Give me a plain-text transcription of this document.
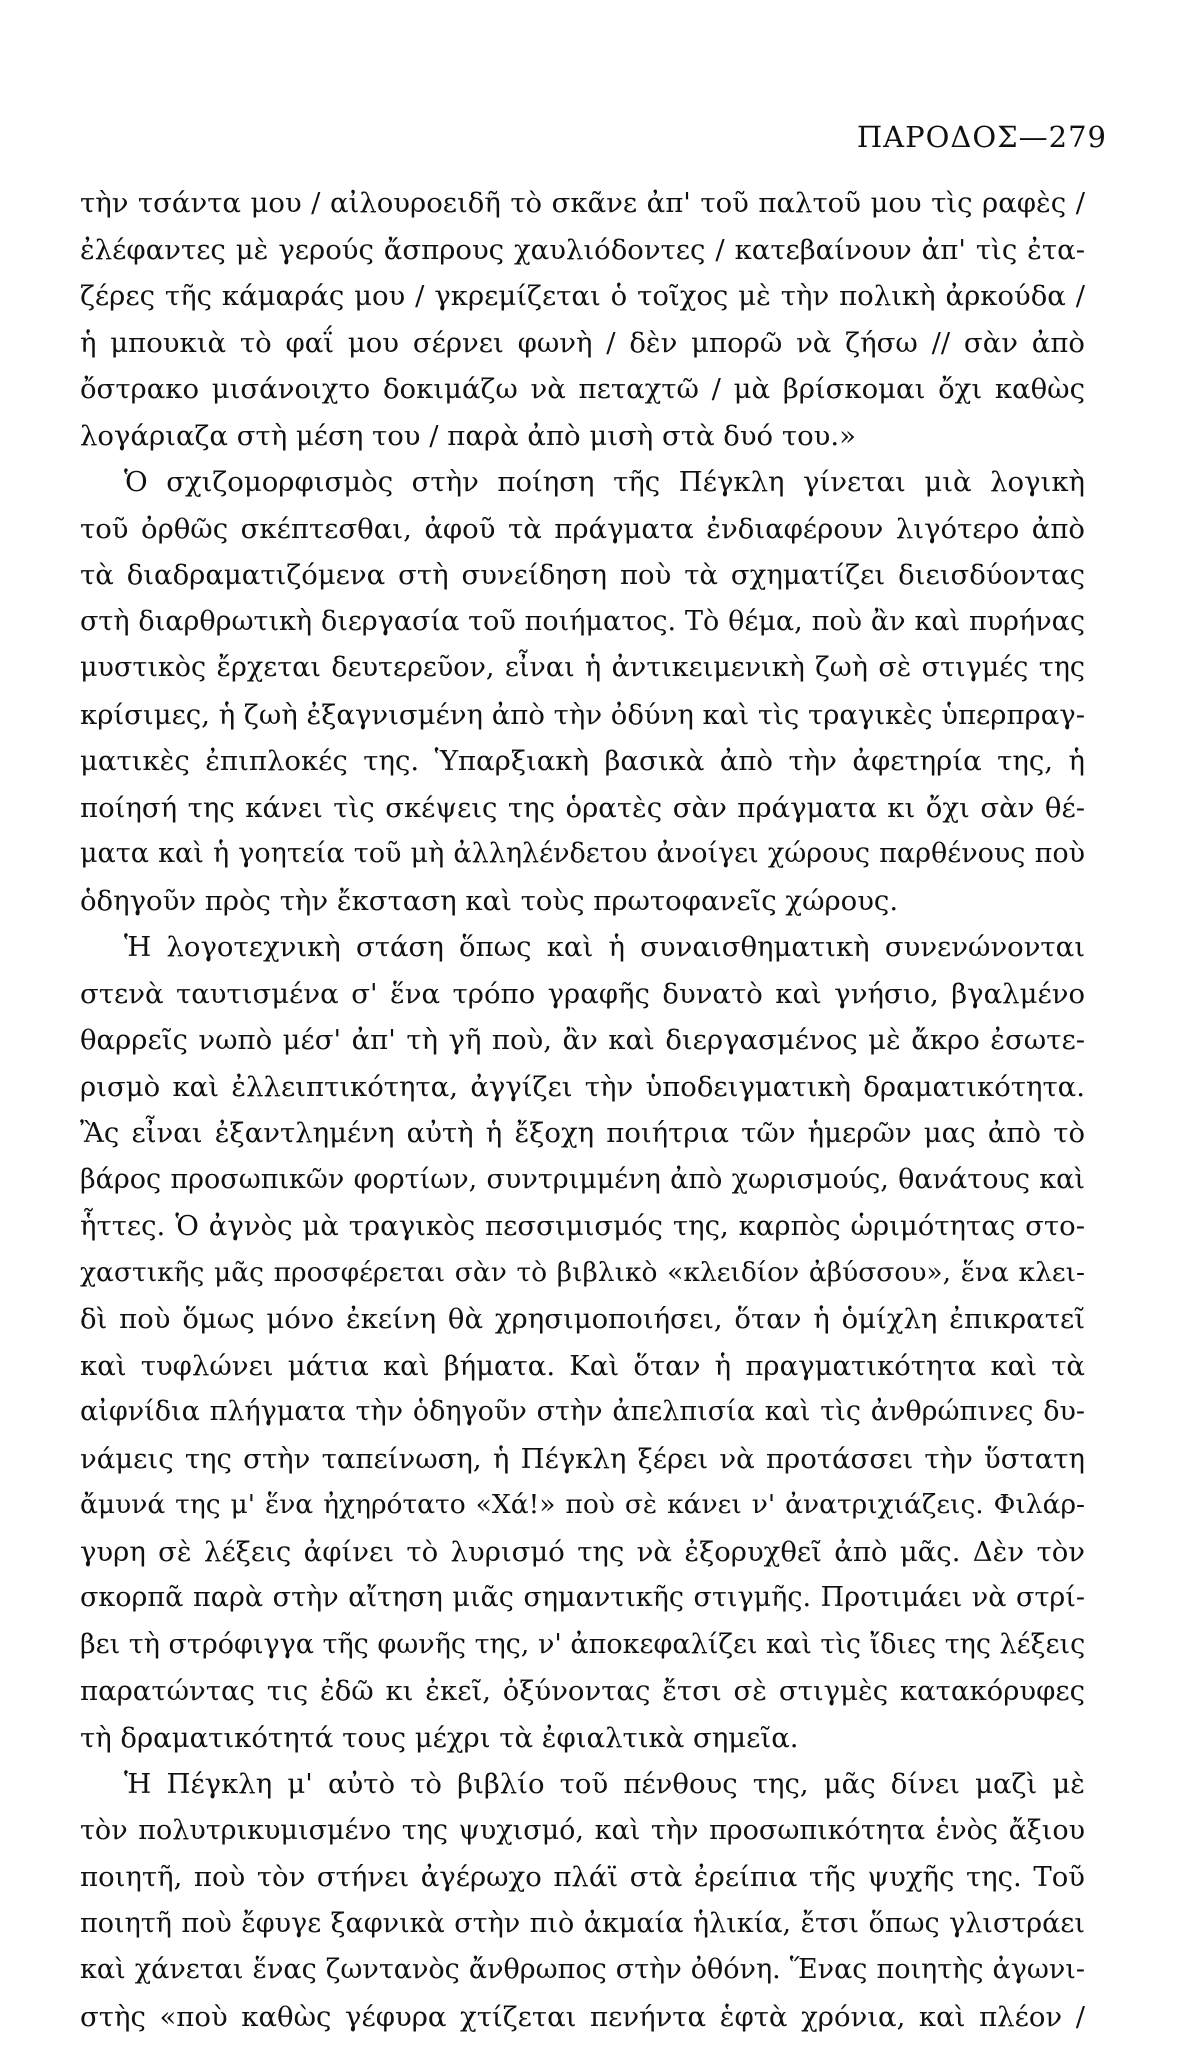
ΠΑΡΟΔΟΣ—279
τὴν τσάντα μου / αἰλουροειδῆ τὸ σκᾶνε ἀπ' τοῦ παλτοῦ μου τὶς ραφὲς /
ἐλέφαντες μὲ γερούς ἄσπρους χαυλιόδοντες / κατεβαίνουν ἀπ' τὶς ἐτα-
ζέρες τῆς κάμαράς μου / γκρεμίζεται ὁ τοῖχος μὲ τὴν πολικὴ ἀρκούδα /
ἡ μπουκιὰ τὸ φαΐ μου σέρνει φωνὴ / δὲν μπορῶ νὰ ζήσω // σὰν ἀπὸ
ὄστρακο μισάνοιχτο δοκιμάζω νὰ πεταχτῶ / μὰ βρίσκομαι ὄχι καθὼς
λογάριαζα στὴ μέση του / παρὰ ἀπὸ μισὴ στὰ δυό του.»
Ὁ σχιζομορφισμὸς στὴν ποίηση τῆς Πέγκλη γίνεται μιὰ λογικὴ
τοῦ ὀρθῶς σκέπτεσθαι, ἀφοῦ τὰ πράγματα ἐνδιαφέρουν λιγότερο ἀπὸ
τὰ διαδραματιζόμενα στὴ συνείδηση ποὺ τὰ σχηματίζει διεισδύοντας
στὴ διαρθρωτικὴ διεργασία τοῦ ποιήματος. Τὸ θέμα, ποὺ ἂν καὶ πυρήνας
μυστικὸς ἔρχεται δευτερεῦον, εἶναι ἡ ἀντικειμενικὴ ζωὴ σὲ στιγμές της
κρίσιμες, ἡ ζωὴ ἐξαγνισμένη ἀπὸ τὴν ὀδύνη καὶ τὶς τραγικὲς ὑπερπραγ-
ματικὲς ἐπιπλοκές της. Ὑπαρξιακὴ βασικὰ ἀπὸ τὴν ἀφετηρία της, ἡ
ποίησή της κάνει τὶς σκέψεις της ὁρατὲς σὰν πράγματα κι ὄχι σὰν θέ-
ματα καὶ ἡ γοητεία τοῦ μὴ ἀλληλένδετου ἀνοίγει χώρους παρθένους ποὺ
ὁδηγοῦν πρὸς τὴν ἔκσταση καὶ τοὺς πρωτοφανεῖς χώρους.
Ἡ λογοτεχνικὴ στάση ὅπως καὶ ἡ συναισθηματικὴ συνενώνονται
στενὰ ταυτισμένα σ' ἕνα τρόπο γραφῆς δυνατὸ καὶ γνήσιο, βγαλμένο
θαρρεῖς νωπὸ μέσ' ἀπ' τὴ γῆ ποὺ, ἂν καὶ διεργασμένος μὲ ἄκρο ἐσωτε-
ρισμὸ καὶ ἐλλειπτικότητα, ἀγγίζει τὴν ὑποδειγματικὴ δραματικότητα.
Ἂς εἶναι ἐξαντλημένη αὐτὴ ἡ ἔξοχη ποιήτρια τῶν ἡμερῶν μας ἀπὸ τὸ
βάρος προσωπικῶν φορτίων, συντριμμένη ἀπὸ χωρισμούς, θανάτους καὶ
ἧττες. Ὁ ἀγνὸς μὰ τραγικὸς πεσσιμισμός της, καρπὸς ὡριμότητας στο-
χαστικῆς μᾶς προσφέρεται σὰν τὸ βιβλικὸ «κλειδίον ἀβύσσου», ἕνα κλει-
δὶ ποὺ ὅμως μόνο ἐκείνη θὰ χρησιμοποιήσει, ὅταν ἡ ὁμίχλη ἐπικρατεῖ
καὶ τυφλώνει μάτια καὶ βήματα. Καὶ ὅταν ἡ πραγματικότητα καὶ τὰ
αἰφνίδια πλήγματα τὴν ὁδηγοῦν στὴν ἀπελπισία καὶ τὶς ἀνθρώπινες δυ-
νάμεις της στὴν ταπείνωση, ἡ Πέγκλη ξέρει νὰ προτάσσει τὴν ὕστατη
ἄμυνά της μ' ἕνα ἠχηρότατο «Χά!» ποὺ σὲ κάνει ν' ἀνατριχιάζεις. Φιλάρ-
γυρη σὲ λέξεις ἀφίνει τὸ λυρισμό της νὰ ἐξορυχθεῖ ἀπὸ μᾶς. Δὲν τὸν
σκορπᾶ παρὰ στὴν αἴτηση μιᾶς σημαντικῆς στιγμῆς. Προτιμάει νὰ στρί-
βει τὴ στρόφιγγα τῆς φωνῆς της, ν' ἀποκεφαλίζει καὶ τὶς ἴδιες της λέξεις
παρατώντας τις ἐδῶ κι ἐκεῖ, ὀξύνοντας ἔτσι σὲ στιγμὲς κατακόρυφες
τὴ δραματικότητά τους μέχρι τὰ ἐφιαλτικὰ σημεῖα.
Ἡ Πέγκλη μ' αὐτὸ τὸ βιβλίο τοῦ πένθους της, μᾶς δίνει μαζὶ μὲ
τὸν πολυτρικυμισμένο της ψυχισμό, καὶ τὴν προσωπικότητα ἑνὸς ἄξιου
ποιητῆ, ποὺ τὸν στήνει ἀγέρωχο πλάϊ στὰ ἐρείπια τῆς ψυχῆς της. Τοῦ
ποιητῆ ποὺ ἔφυγε ξαφνικὰ στὴν πιὸ ἀκμαία ἡλικία, ἔτσι ὅπως γλιστράει
καὶ χάνεται ἕνας ζωντανὸς ἄνθρωπος στὴν ὀθόνη. Ἕνας ποιητὴς ἀγωνι-
στὴς «ποὺ καθὼς γέφυρα χτίζεται πενήντα ἑφτὰ χρόνια, καὶ πλέον /
